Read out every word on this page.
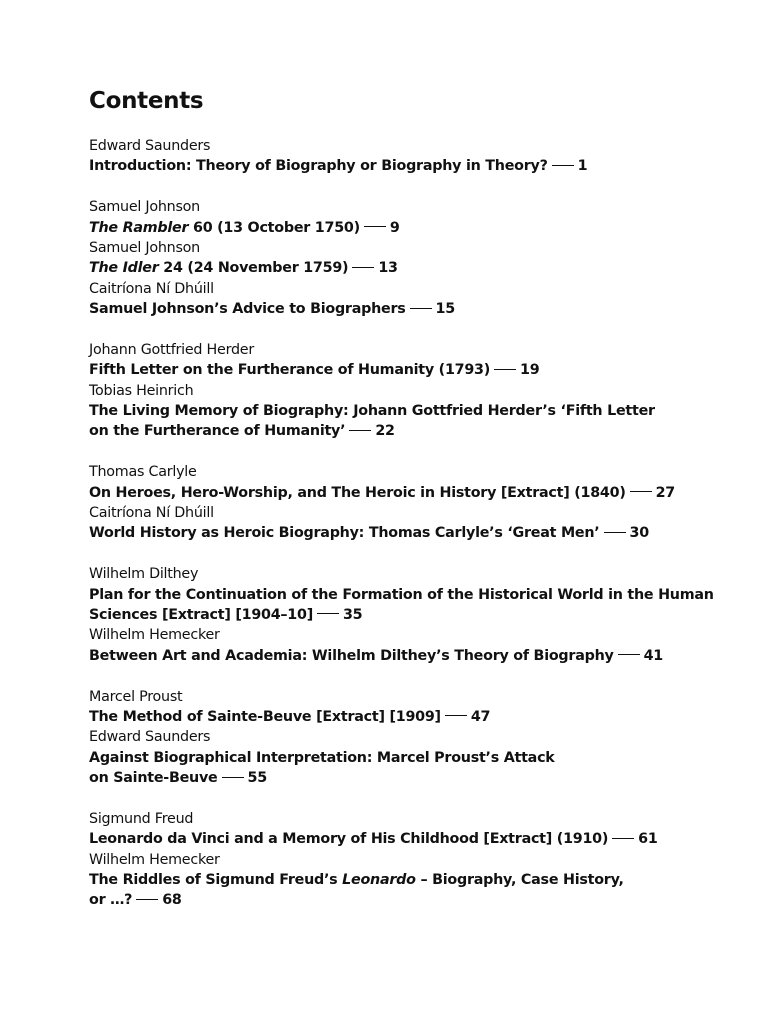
Contents
Edward Saunders
Introduction: Theory of Biography or Biography in Theory? 1
Samuel Johnson
The Rambler 60 (13 October 1750) 9
Samuel Johnson
The Idler 24 (24 November 1759) 13
Caitríona Ní Dhúill
Samuel Johnson’s Advice to Biographers 15
Johann Gottfried Herder
Fifth Letter on the Furtherance of Humanity (1793) 19
Tobias Heinrich
The Living Memory of Biography: Johann Gottfried Herder’s ‘Fifth Letter
on the Furtherance of Humanity’ 22
Thomas Carlyle
On Heroes, Hero-Worship, and The Heroic in History [Extract] (1840) 27
Caitríona Ní Dhúill
World History as Heroic Biography: Thomas Carlyle’s ‘Great Men’ 30
Wilhelm Dilthey
Plan for the Continuation of the Formation of the Historical World in the Human
Sciences [Extract] [1904–10] 35
Wilhelm Hemecker
Between Art and Academia: Wilhelm Dilthey’s Theory of Biography 41
Marcel Proust
The Method of Sainte-Beuve [Extract] [1909] 47
Edward Saunders
Against Biographical Interpretation: Marcel Proust’s Attack
on Sainte-Beuve 55
Sigmund Freud
Leonardo da Vinci and a Memory of His Childhood [Extract] (1910) 61
Wilhelm Hemecker
The Riddles of Sigmund Freud’s Leonardo – Biography, Case History,
or …? 68
